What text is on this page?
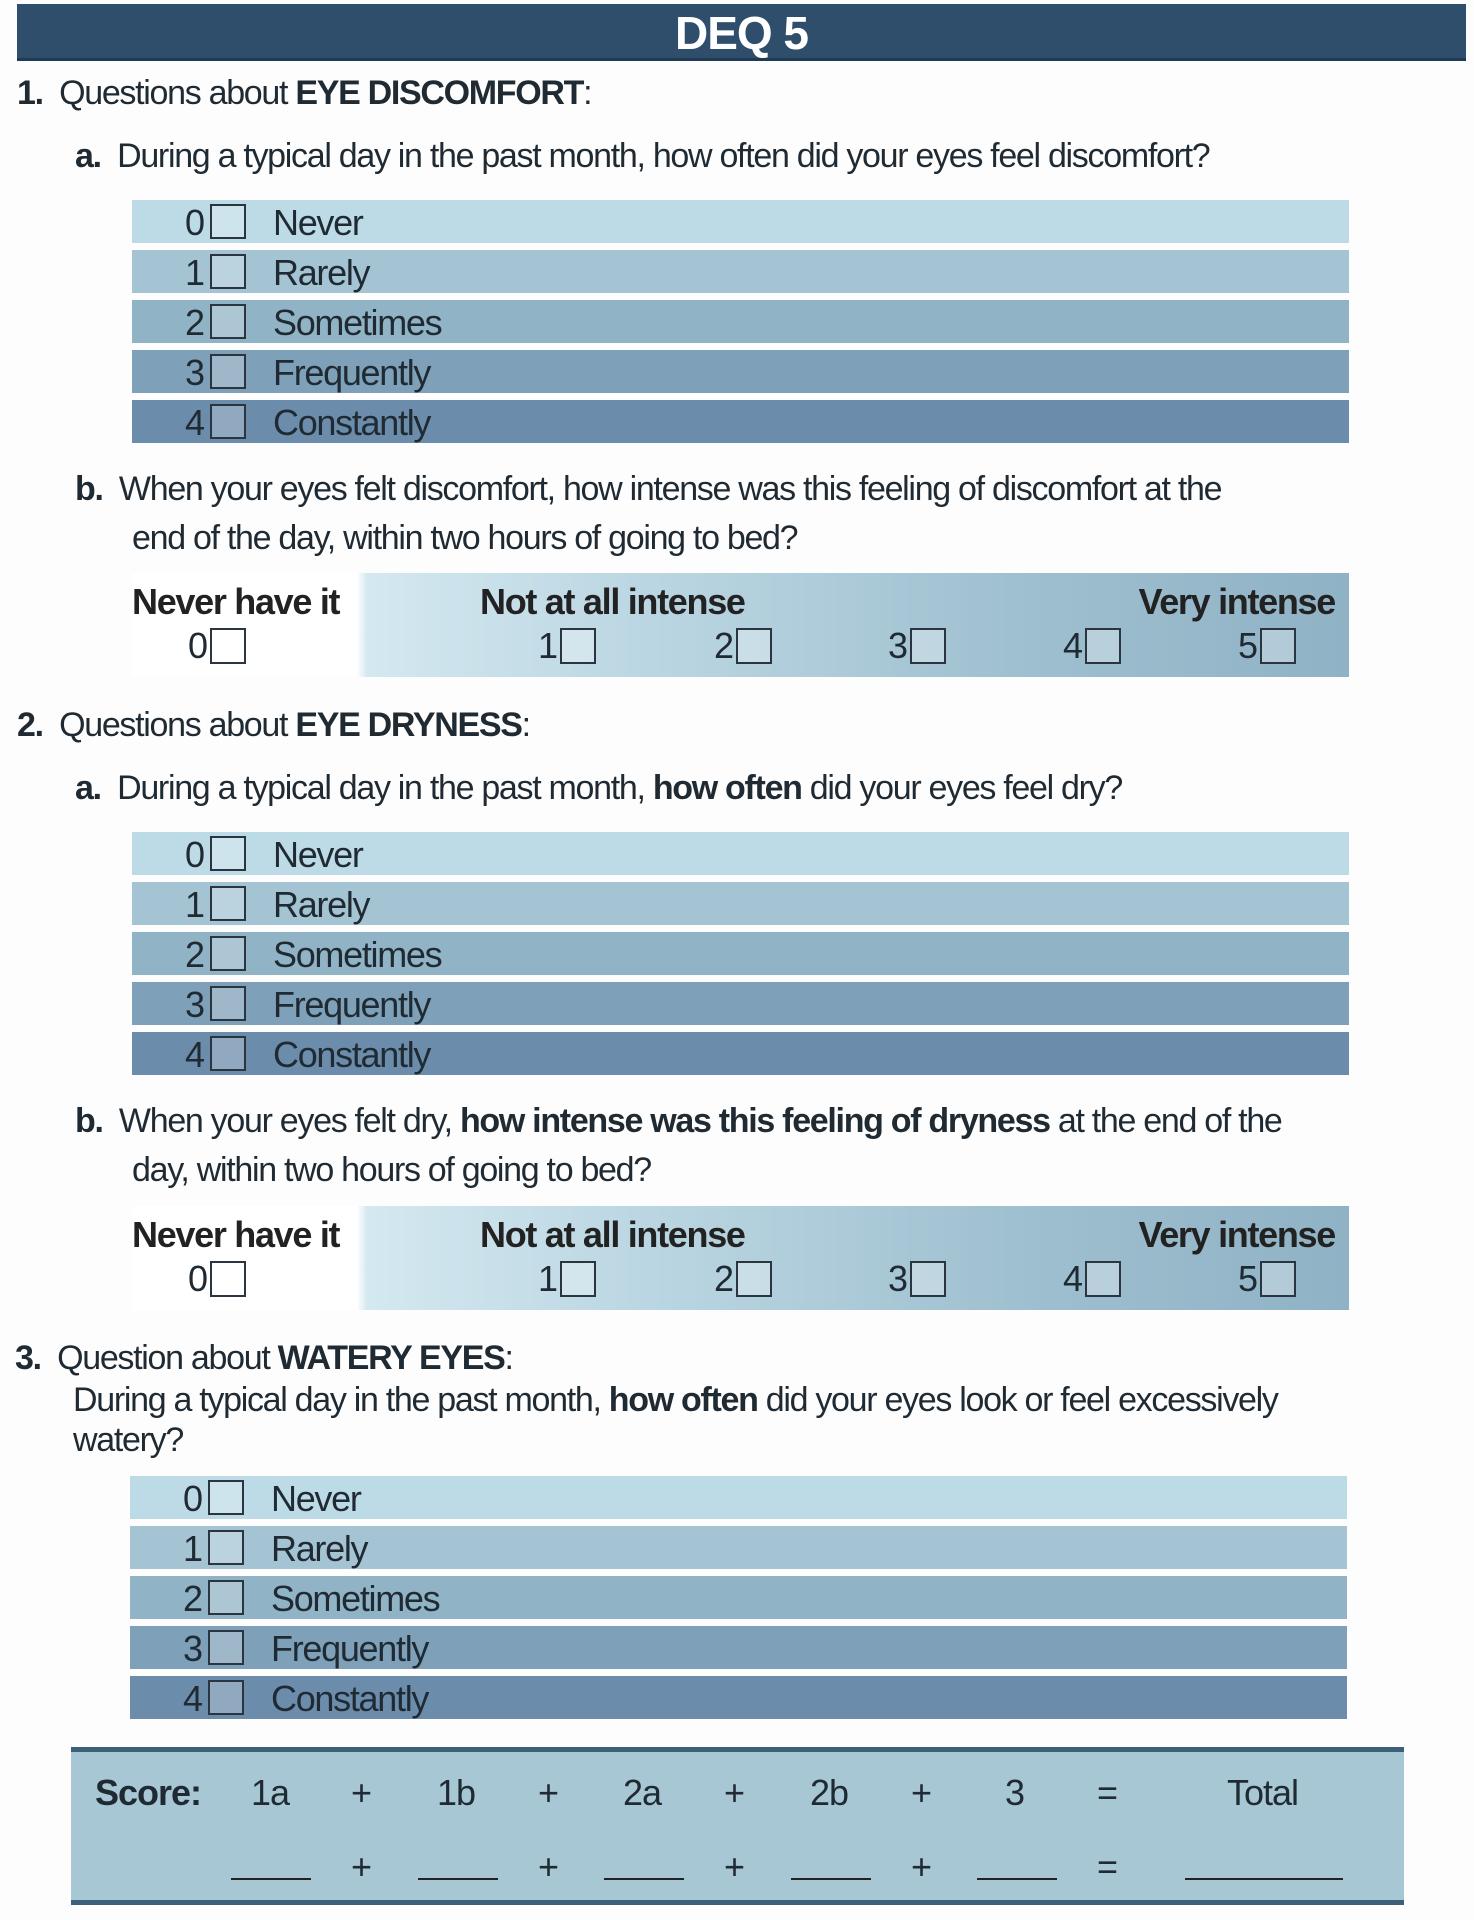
DEQ 5
1. Questions about EYE DISCOMFORT:
a. During a typical day in the past month, how often did your eyes feel discomfort?
0 Never
1 Rarely
2 Sometimes
3 Frequently
4 Constantly
b. When your eyes felt discomfort, how intense was this feeling of discomfort at the
end of the day, within two hours of going to bed?
Never have it	Not at all intense	Very intense
0	1	2	3	4	5
2. Questions about EYE DRYNESS:
a. During a typical day in the past month, how often did your eyes feel dry?
0 Never
1 Rarely
2 Sometimes
3 Frequently
4 Constantly
b. When your eyes felt dry, how intense was this feeling of dryness at the end of the
day, within two hours of going to bed?
Never have it	Not at all intense	Very intense
0	1	2	3	4	5
3. Question about WATERY EYES:
During a typical day in the past month, how often did your eyes look or feel excessively
watery?
0 Never
1 Rarely
2 Sometimes
3 Frequently
4 Constantly
Score: 1a + 1b + 2a + 2b + 3 =	Total
+	+	+	+	=
